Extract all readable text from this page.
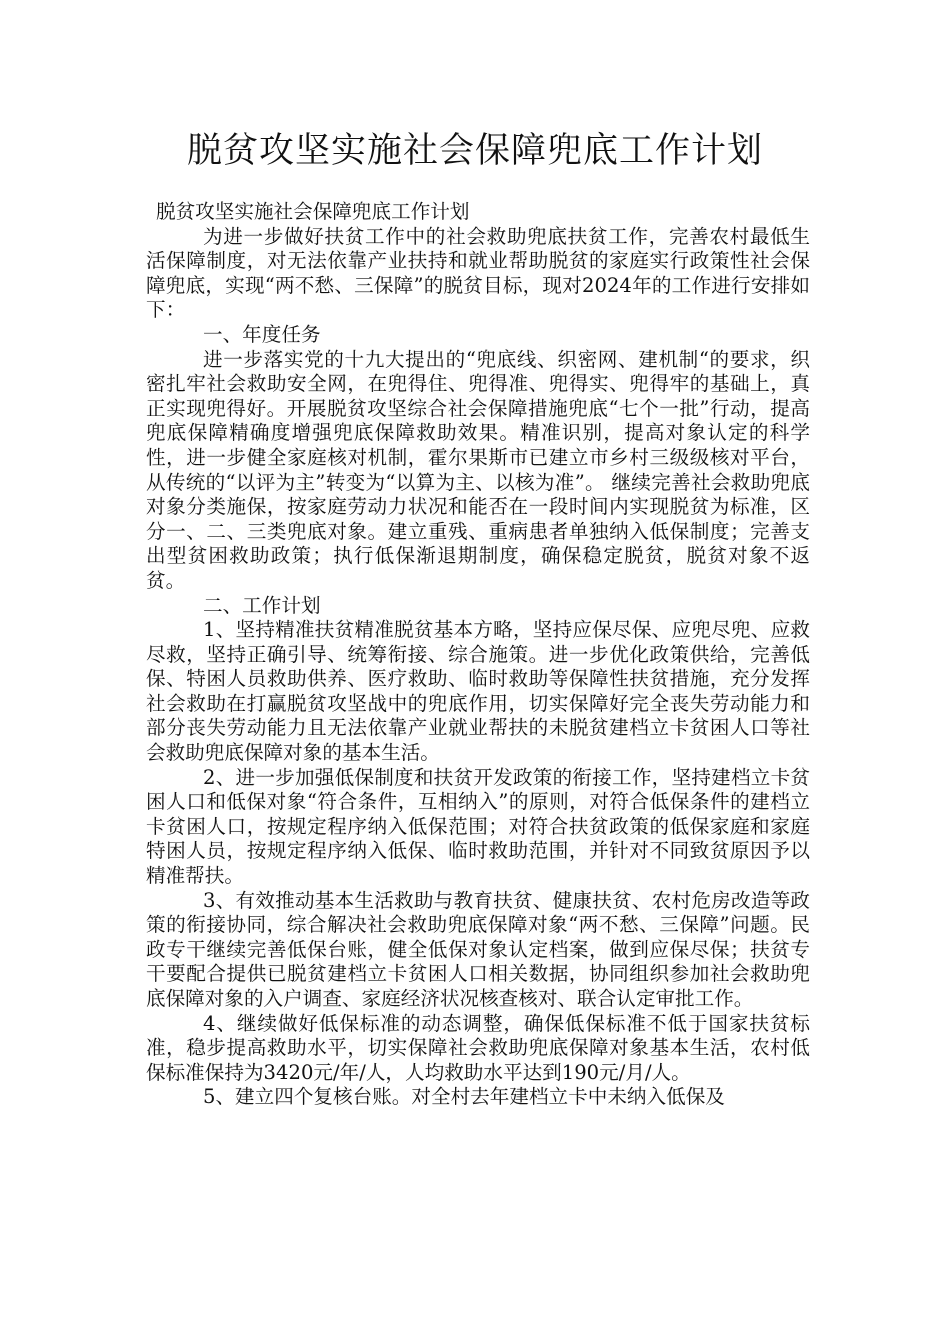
脱贫攻坚实施社会保障兜底工作计划

脱贫攻坚实施社会保障兜底工作计划

为进一步做好扶贫工作中的社会救助兜底扶贫工作，完善农村最低生活保障制度，对无法依靠产业扶持和就业帮助脱贫的家庭实行政策性社会保障兜底，实现“两不愁、三保障”的脱贫目标，现对2024年的工作进行安排如下：

一、年度任务

进一步落实党的十九大提出的“兜底线、织密网、建机制“的要求，织密扎牢社会救助安全网，在兜得住、兜得准、兜得实、兜得牢的基础上，真正实现兜得好。开展脱贫攻坚综合社会保障措施兜底“七个一批”行动，提高兜底保障精确度增强兜底保障救助效果。精准识别，提高对象认定的科学性，进一步健全家庭核对机制，霍尔果斯市已建立市乡村三级级核对平台，从传统的“以评为主”转变为“以算为主、以核为准”。 继续完善社会救助兜底对象分类施保，按家庭劳动力状况和能否在一段时间内实现脱贫为标准，区分一、二、三类兜底对象。建立重残、重病患者单独纳入低保制度；完善支出型贫困救助政策；执行低保渐退期制度，确保稳定脱贫，脱贫对象不返贫。

二、工作计划

1、坚持精准扶贫精准脱贫基本方略，坚持应保尽保、应兜尽兜、应救尽救，坚持正确引导、统筹衔接、综合施策。进一步优化政策供给，完善低保、特困人员救助供养、医疗救助、临时救助等保障性扶贫措施，充分发挥社会救助在打赢脱贫攻坚战中的兜底作用，切实保障好完全丧失劳动能力和部分丧失劳动能力且无法依靠产业就业帮扶的未脱贫建档立卡贫困人口等社会救助兜底保障对象的基本生活。

2、进一步加强低保制度和扶贫开发政策的衔接工作，坚持建档立卡贫困人口和低保对象“符合条件，互相纳入”的原则，对符合低保条件的建档立卡贫困人口，按规定程序纳入低保范围；对符合扶贫政策的低保家庭和家庭特困人员，按规定程序纳入低保、临时救助范围，并针对不同致贫原因予以精准帮扶。

3、有效推动基本生活救助与教育扶贫、健康扶贫、农村危房改造等政策的衔接协同，综合解决社会救助兜底保障对象“两不愁、三保障”问题。民政专干继续完善低保台账，健全低保对象认定档案，做到应保尽保；扶贫专干要配合提供已脱贫建档立卡贫困人口相关数据，协同组织参加社会救助兜底保障对象的入户调查、家庭经济状况核查核对、联合认定审批工作。

4、继续做好低保标准的动态调整，确保低保标准不低于国家扶贫标准，稳步提高救助水平，切实保障社会救助兜底保障对象基本生活，农村低保标准保持为3420元/年/人，人均救助水平达到190元/月/人。

5、建立四个复核台账。对全村去年建档立卡中未纳入低保及
